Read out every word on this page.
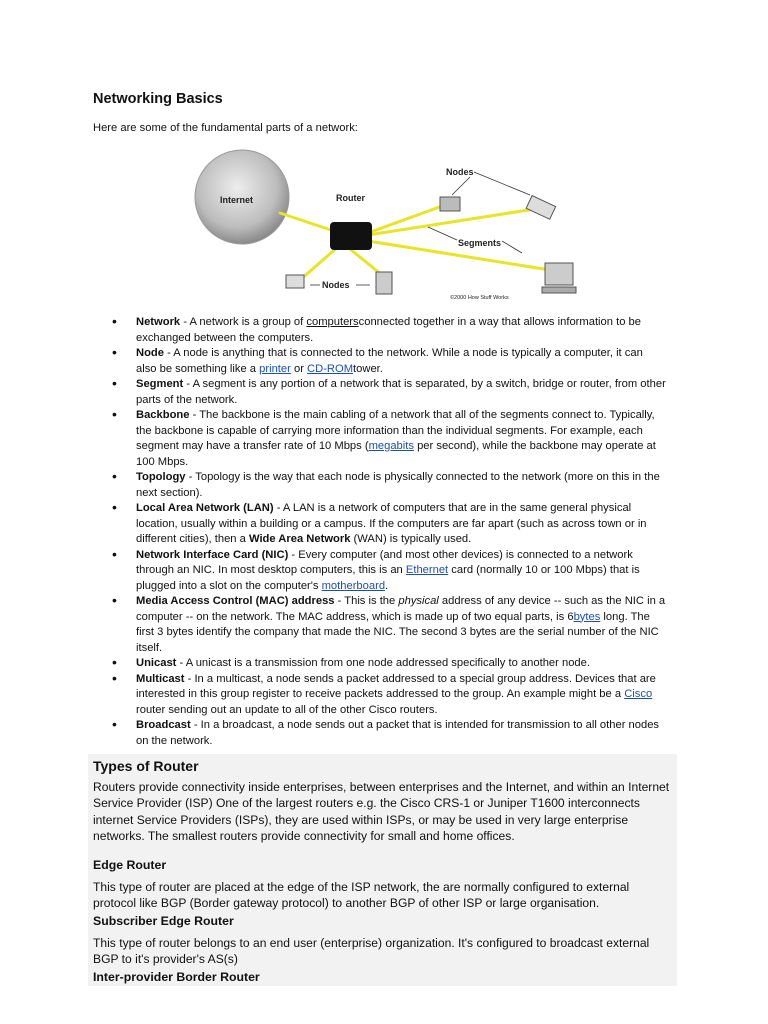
Networking Basics
Here are some of the fundamental parts of a network:
Internet	Router
Nodes
Segments
Nodes
©2000 How Stuff Works
• Network - A network is a group of computersconnected together in a way that allows information to be exchanged between the computers.
• Node - A node is anything that is connected to the network. While a node is typically a computer, it can also be something like a printer or CD-ROMtower.
• Segment - A segment is any portion of a network that is separated, by a switch, bridge or router, from other parts of the network.
• Backbone - The backbone is the main cabling of a network that all of the segments connect to. Typically, the backbone is capable of carrying more information than the individual segments. For example, each segment may have a transfer rate of 10 Mbps (megabits per second), while the backbone may operate at 100 Mbps.
• Topology - Topology is the way that each node is physically connected to the network (more on this in the next section).
• Local Area Network (LAN) - A LAN is a network of computers that are in the same general physical location, usually within a building or a campus. If the computers are far apart (such as across town or in different cities), then a Wide Area Network (WAN) is typically used.
• Network Interface Card (NIC) - Every computer (and most other devices) is connected to a network through an NIC. In most desktop computers, this is an Ethernet card (normally 10 or 100 Mbps) that is plugged into a slot on the computer's motherboard.
• Media Access Control (MAC) address - This is the physical address of any device -- such as the NIC in a computer -- on the network. The MAC address, which is made up of two equal parts, is 6bytes long. The first 3 bytes identify the company that made the NIC. The second 3 bytes are the serial number of the NIC itself.
• Unicast - A unicast is a transmission from one node addressed specifically to another node.
• Multicast - In a multicast, a node sends a packet addressed to a special group address. Devices that are interested in this group register to receive packets addressed to the group. An example might be a Cisco router sending out an update to all of the other Cisco routers.
• Broadcast - In a broadcast, a node sends out a packet that is intended for transmission to all other nodes on the network.
Types of Router

Routers provide connectivity inside enterprises, between enterprises and the Internet, and within an Internet Service Provider (ISP) One of the largest routers e.g. the Cisco CRS-1 or Juniper T1600 interconnects internet Service Providers (ISPs), they are used within ISPs, or may be used in very large enterprise networks. The smallest routers provide connectivity for small and home offices.

Edge Router

This type of router are placed at the edge of the ISP network, the are normally configured to external protocol like BGP (Border gateway protocol) to another BGP of other ISP or large organisation.

Subscriber Edge Router

This type of router belongs to an end user (enterprise) organization. It's configured to broadcast external BGP to it's provider's AS(s)

Inter-provider Border Router
